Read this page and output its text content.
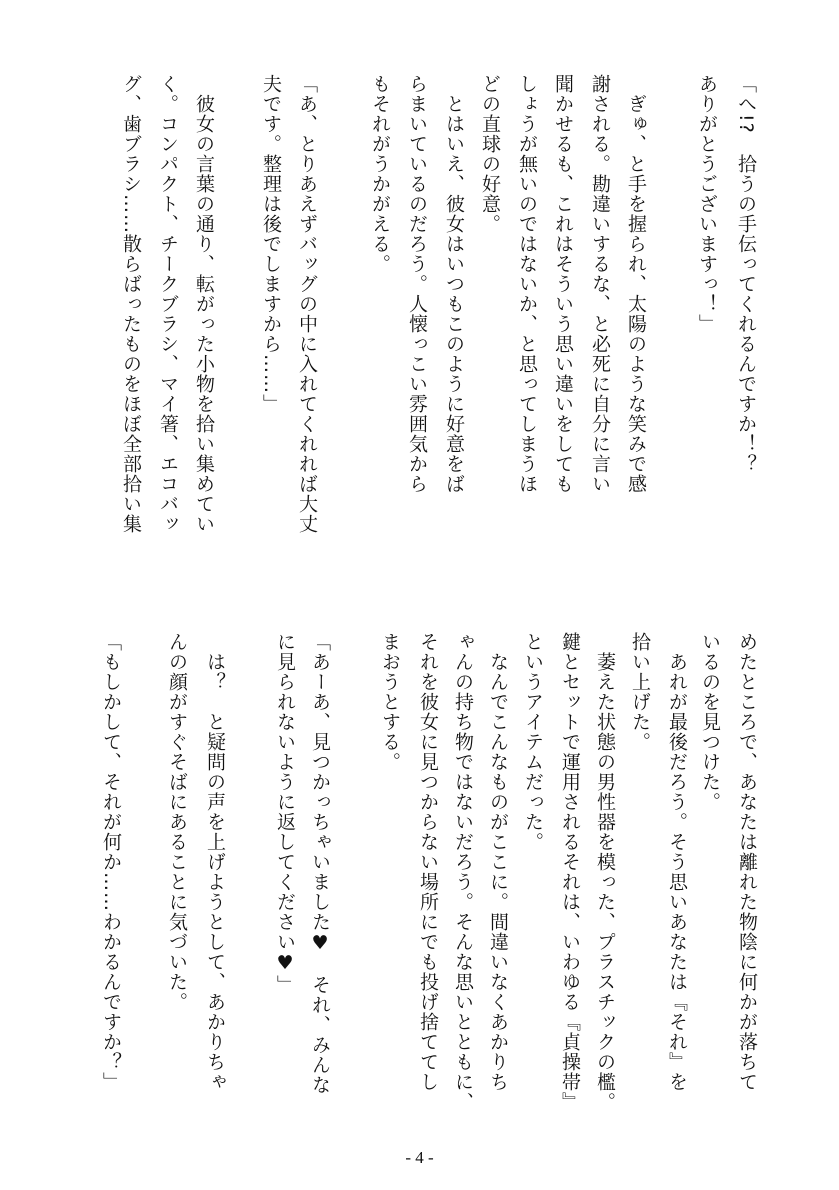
「へ!?　拾うの手伝ってくれるんですか！？
ありがとうございますっ！」
　ぎゅ、と手を握られ、太陽のような笑みで感
謝される。勘違いするな、と必死に自分に言い
聞かせるも、これはそういう思い違いをしても
しょうが無いのではないか、と思ってしまうほ
どの直球の好意。
　とはいえ、彼女はいつもこのように好意をば
らまいているのだろう。人懐っこい雰囲気から
もそれがうかがえる。
「あ、とりあえずバッグの中に入れてくれれば大丈
夫です。整理は後でしますから……」
　彼女の言葉の通り、転がった小物を拾い集めてい
く。コンパクト、チークブラシ、マイ箸、エコバッ
グ、歯ブラシ……散らばったものをほぼ全部拾い集
めたところで、あなたは離れた物陰に何かが落ちて
いるのを見つけた。
　あれが最後だろう。そう思いあなたは『それ』を
拾い上げた。
　萎えた状態の男性器を模った、プラスチックの檻。
鍵とセットで運用されるそれは、いわゆる『貞操帯』
というアイテムだった。
　なんでこんなものがここに。間違いなくあかりち
ゃんの持ち物ではないだろう。そんな思いとともに、
それを彼女に見つからない場所にでも投げ捨ててし
まおうとする。
「あーあ、見つかっちゃいました♥　それ、みんな
に見られないように返してください♥」
　は？　と疑問の声を上げようとして、あかりちゃ
んの顔がすぐそばにあることに気づいた。
「もしかして、それが何か……わかるんですか？」
- 4 -
